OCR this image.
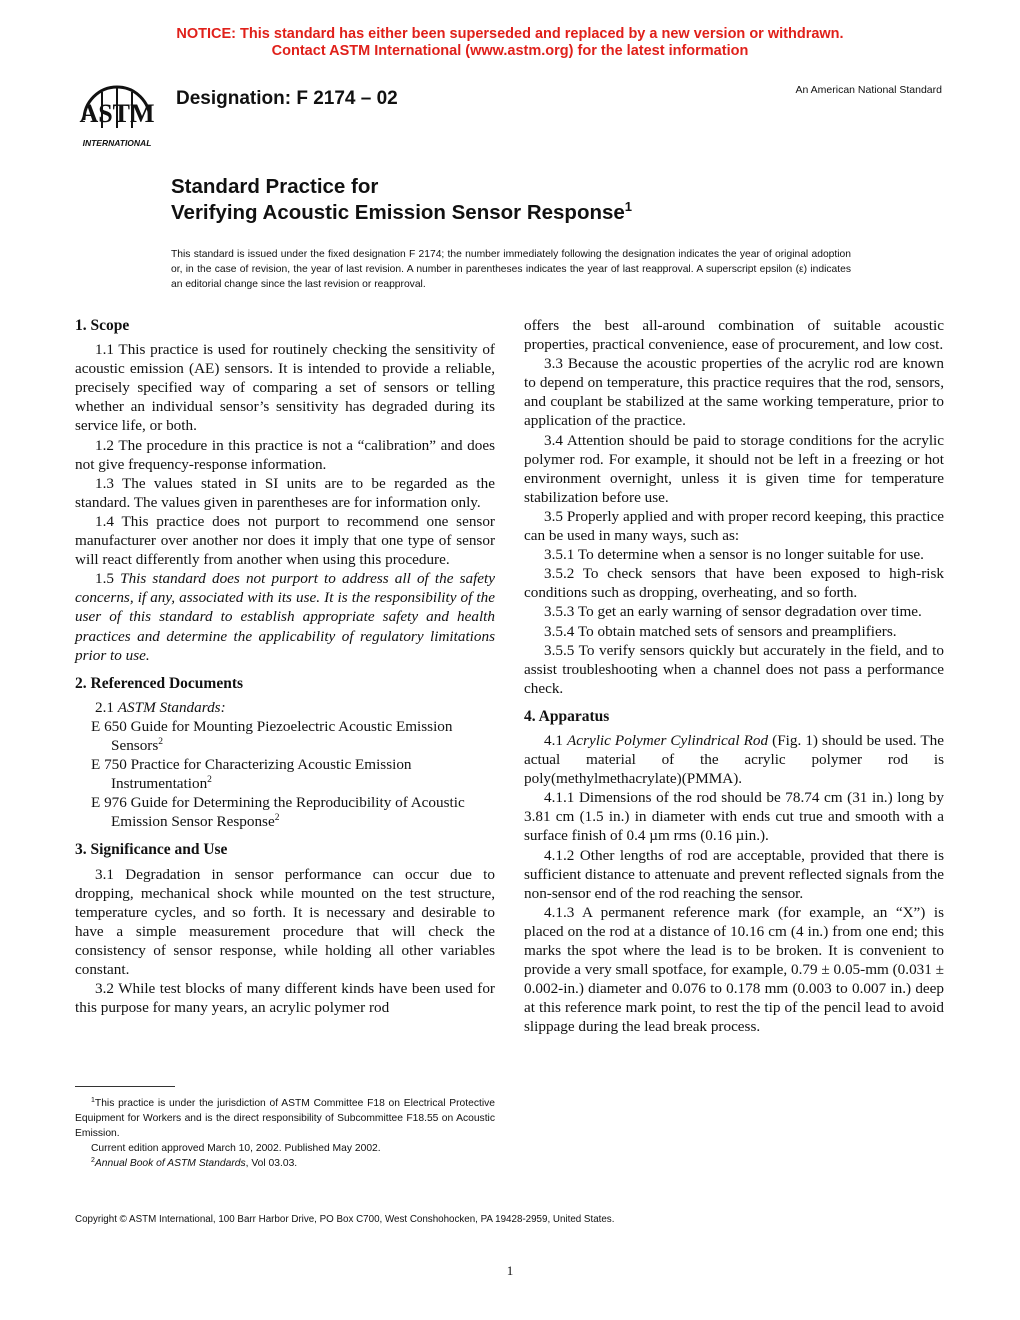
NOTICE: This standard has either been superseded and replaced by a new version or withdrawn.
Contact ASTM International (www.astm.org) for the latest information
ASTM
INTERNATIONAL
Designation: F 2174 – 02	An American National Standard
Standard Practice for
Verifying Acoustic Emission Sensor Response$^1$
This standard is issued under the fixed designation F 2174; the number immediately following the designation indicates the year of original adoption or, in the case of revision, the year of last revision. A number in parentheses indicates the year of last reapproval. A superscript epsilon (ε) indicates an editorial change since the last revision or reapproval.
1. Scope

1.1 This practice is used for routinely checking the sensitivity of acoustic emission (AE) sensors. It is intended to provide a reliable, precisely specified way of comparing a set of sensors or telling whether an individual sensor’s sensitivity has degraded during its service life, or both.

1.2 The procedure in this practice is not a “calibration” and does not give frequency-response information.

1.3 The values stated in SI units are to be regarded as the standard. The values given in parentheses are for information only.

1.4 This practice does not purport to recommend one sensor manufacturer over another nor does it imply that one type of sensor will react differently from another when using this procedure.

1.5 This standard does not purport to address all of the safety concerns, if any, associated with its use. It is the responsibility of the user of this standard to establish appropriate safety and health practices and determine the applicability of regulatory limitations prior to use.

2. Referenced Documents

2.1 ASTM Standards:

E 650 Guide for Mounting Piezoelectric Acoustic Emission Sensors$^2$

E 750 Practice for Characterizing Acoustic Emission Instrumentation$^2$

E 976 Guide for Determining the Reproducibility of Acoustic Emission Sensor Response$^2$

3. Significance and Use

3.1 Degradation in sensor performance can occur due to dropping, mechanical shock while mounted on the test structure, temperature cycles, and so forth. It is necessary and desirable to have a simple measurement procedure that will check the consistency of sensor response, while holding all other variables constant.

3.2 While test blocks of many different kinds have been used for this purpose for many years, an acrylic polymer rod

offers the best all-around combination of suitable acoustic properties, practical convenience, ease of procurement, and low cost.

3.3 Because the acoustic properties of the acrylic rod are known to depend on temperature, this practice requires that the rod, sensors, and couplant be stabilized at the same working temperature, prior to application of the practice.

3.4 Attention should be paid to storage conditions for the acrylic polymer rod. For example, it should not be left in a freezing or hot environment overnight, unless it is given time for temperature stabilization before use.

3.5 Properly applied and with proper record keeping, this practice can be used in many ways, such as:

3.5.1 To determine when a sensor is no longer suitable for use.

3.5.2 To check sensors that have been exposed to high-risk conditions such as dropping, overheating, and so forth.

3.5.3 To get an early warning of sensor degradation over time.

3.5.4 To obtain matched sets of sensors and preamplifiers.

3.5.5 To verify sensors quickly but accurately in the field, and to assist troubleshooting when a channel does not pass a performance check.

4. Apparatus

4.1 Acrylic Polymer Cylindrical Rod (Fig. 1) should be used. The actual material of the acrylic polymer rod is poly(methylmethacrylate)(PMMA).

4.1.1 Dimensions of the rod should be 78.74 cm (31 in.) long by 3.81 cm (1.5 in.) in diameter with ends cut true and smooth with a surface finish of 0.4 µm rms (0.16 µin.).

4.1.2 Other lengths of rod are acceptable, provided that there is sufficient distance to attenuate and prevent reflected signals from the non-sensor end of the rod reaching the sensor.

4.1.3 A permanent reference mark (for example, an “X”) is placed on the rod at a distance of 10.16 cm (4 in.) from one end; this marks the spot where the lead is to be broken. It is convenient to provide a very small spotface, for example, 0.79 ± 0.05-mm (0.031 ± 0.002-in.) diameter and 0.076 to 0.178 mm (0.003 to 0.007 in.) deep at this reference mark point, to rest the tip of the pencil lead to avoid slippage during the lead break process.

$^1$This practice is under the jurisdiction of ASTM Committee F18 on Electrical Protective Equipment for Workers and is the direct responsibility of Subcommittee F18.55 on Acoustic Emission.

Current edition approved March 10, 2002. Published May 2002.

$^2$Annual Book of ASTM Standards, Vol 03.03.

Copyright © ASTM International, 100 Barr Harbor Drive, PO Box C700, West Conshohocken, PA 19428-2959, United States.
1
